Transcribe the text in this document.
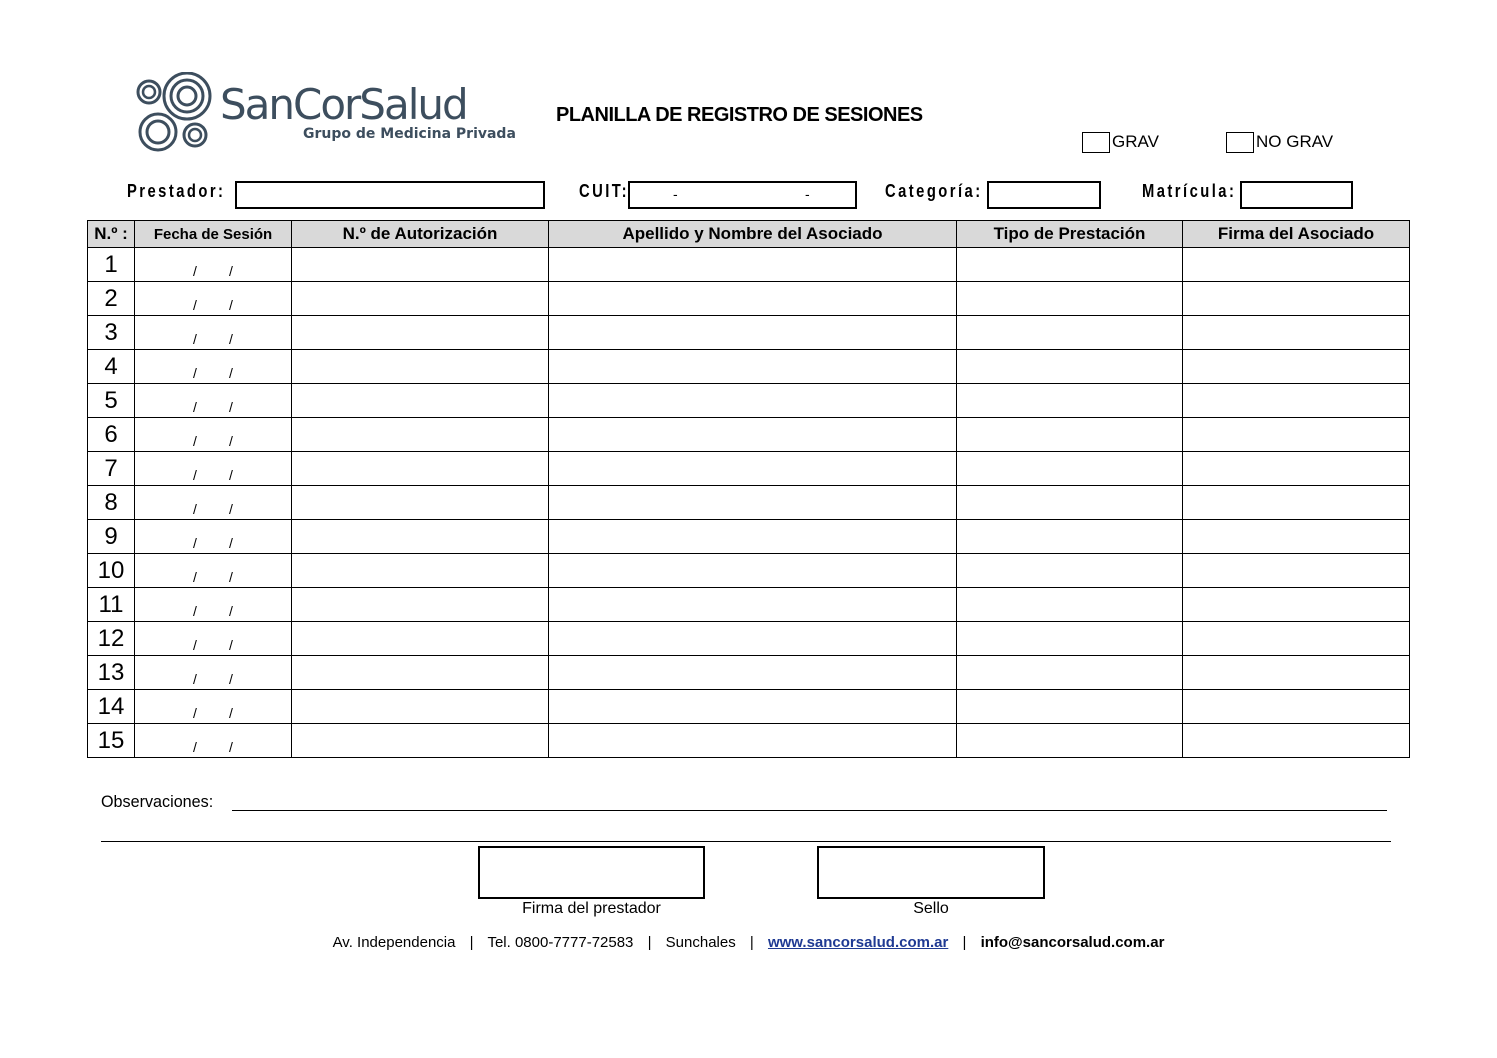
SanCorSalud
Grupo de Medicina Privada
PLANILLA DE REGISTRO DE SESIONES
GRAV	NO GRAV
Prestador:	CUIT:	-	-	Categoría:	Matrícula:
N.º :	Fecha de Sesión	N.º de Autorización	Apellido y Nombre del Asociado	Tipo de Prestación	Firma del Asociado
1	/ /				
2	/ /				
3	/ /				
4	/ /				
5	/ /				
6	/ /				
7	/ /				
8	/ /				
9	/ /				
10	/ /				
11	/ /				
12	/ /				
13	/ /				
14	/ /				
15	/ /				
Observaciones:
Firma del prestador	Sello
Av. Independencia | Tel. 0800-7777-72583 | Sunchales | www.sancorsalud.com.ar | info@sancorsalud.com.ar
